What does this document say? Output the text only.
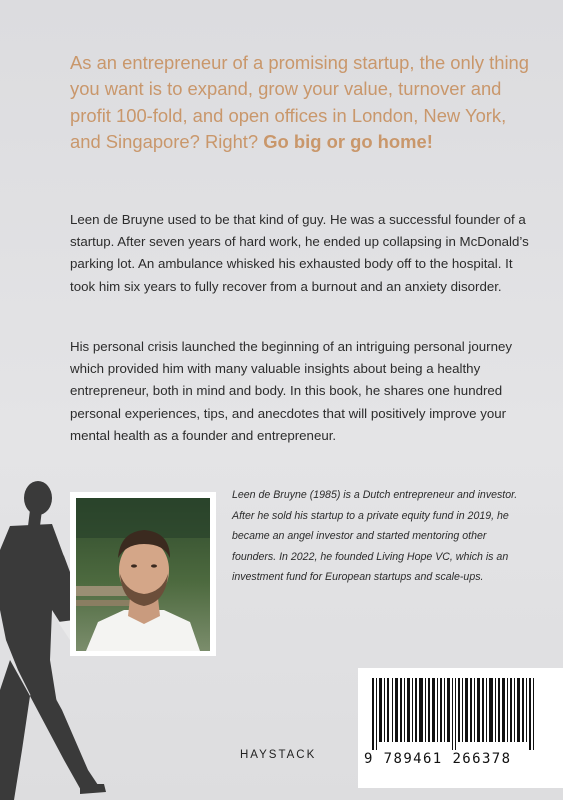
As an entrepreneur of a promising startup, the only thing you want is to expand, grow your value, turnover and profit 100-fold, and open offices in London, New York, and Singapore? Right? Go big or go home!

Leen de Bruyne used to be that kind of guy. He was a successful founder of a startup. After seven years of hard work, he ended up collapsing in McDonald’s parking lot. An ambulance whisked his exhausted body off to the hospital. It took him six years to fully recover from a burnout and an anxiety disorder.

His personal crisis launched the beginning of an intriguing personal journey which provided him with many valuable insights about being a healthy entrepreneur, both in mind and body. In this book, he shares one hundred personal experiences, tips, and anecdotes that will positively improve your mental health as a founder and entrepreneur.

Leen de Bruyne (1985) is a Dutch entrepreneur and investor. After he sold his startup to a private equity fund in 2019, he became an angel investor and started mentoring other founders. In 2022, he founded Living Hope VC, which is an investment fund for European startups and scale-ups.

HAYSTACK	9 789461 266378
